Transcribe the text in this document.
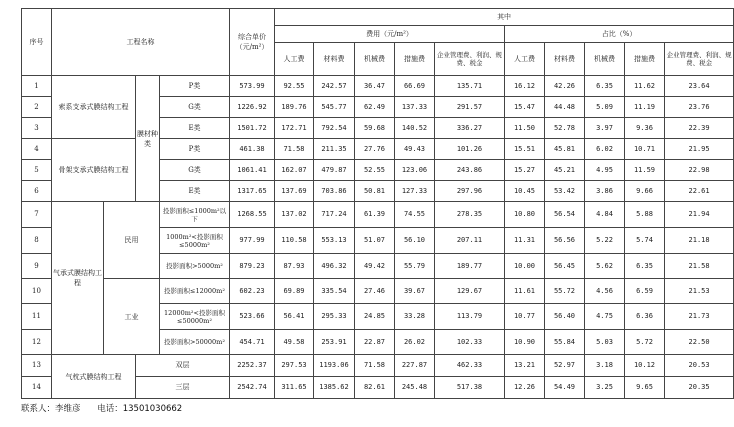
序号	工程名称				综合单价（元/m²）	其中									
						费用（元/m²）					占比（%）				
						人工费	材料费	机械费	措施费	企业管理费、利润、规费、税金	人工费	材料费	机械费	措施费	企业管理费、利润、规费、税金
1	索系支承式膜结构工程		膜材种类	P类	573.99	92.55	242.57	36.47	66.69	135.71	16.12	42.26	6.35	11.62	23.64
2				G类	1226.92	189.76	545.77	62.49	137.33	291.57	15.47	44.48	5.09	11.19	23.76
3				E类	1501.72	172.71	792.54	59.68	140.52	336.27	11.50	52.78	3.97	9.36	22.39
4	骨架支承式膜结构工程			P类	461.38	71.58	211.35	27.76	49.43	101.26	15.51	45.81	6.02	10.71	21.95
5				G类	1061.41	162.07	479.87	52.55	123.06	243.86	15.27	45.21	4.95	11.59	22.98
6				E类	1317.65	137.69	703.86	50.81	127.33	297.96	10.45	53.42	3.86	9.66	22.61
7	气承式膜结构工程	民用		投影面积≤1000m²以下	1268.55	137.02	717.24	61.39	74.55	278.35	10.80	56.54	4.84	5.88	21.94
8				1000m²<投影面积≤5000m²	977.99	110.58	553.13	51.07	56.10	207.11	11.31	56.56	5.22	5.74	21.18
9				投影面积>5000m²	879.23	87.93	496.32	49.42	55.79	189.77	10.00	56.45	5.62	6.35	21.58
10		工业		投影面积≤12000m²	602.23	69.89	335.54	27.46	39.67	129.67	11.61	55.72	4.56	6.59	21.53
11				12000m²<投影面积≤50000m²	523.66	56.41	295.33	24.85	33.28	113.79	10.77	56.40	4.75	6.36	21.73
12				投影面积>50000m²	454.71	49.58	253.91	22.87	26.02	102.33	10.90	55.84	5.03	5.72	22.50
13	气枕式膜结构工程		双层		2252.37	297.53	1193.06	71.58	227.87	462.33	13.21	52.97	3.18	10.12	20.53
14			三层		2542.74	311.65	1385.62	82.61	245.48	517.38	12.26	54.49	3.25	9.65	20.35
联系人：李维彦 电话：13501030662
